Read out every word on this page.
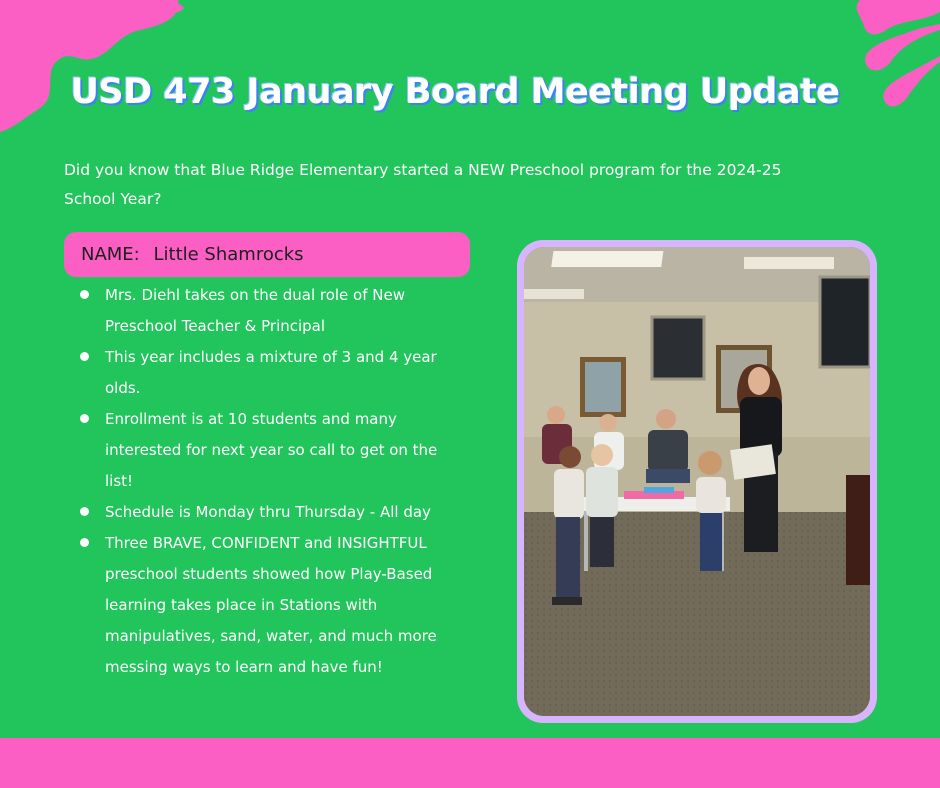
USD 473 January Board Meeting Update
Did you know that Blue Ridge Elementary started a NEW Preschool program for the 2024-25 School Year?
NAME: Little Shamrocks
Mrs. Diehl takes on the dual role of New Preschool Teacher & Principal
This year includes a mixture of 3 and 4 year olds.
Enrollment is at 10 students and many interested for next year so call to get on the list!
Schedule is Monday thru Thursday - All day
Three BRAVE, CONFIDENT and INSIGHTFUL preschool students showed how Play-Based learning takes place in Stations with manipulatives, sand, water, and much more messing ways to learn and have fun!
